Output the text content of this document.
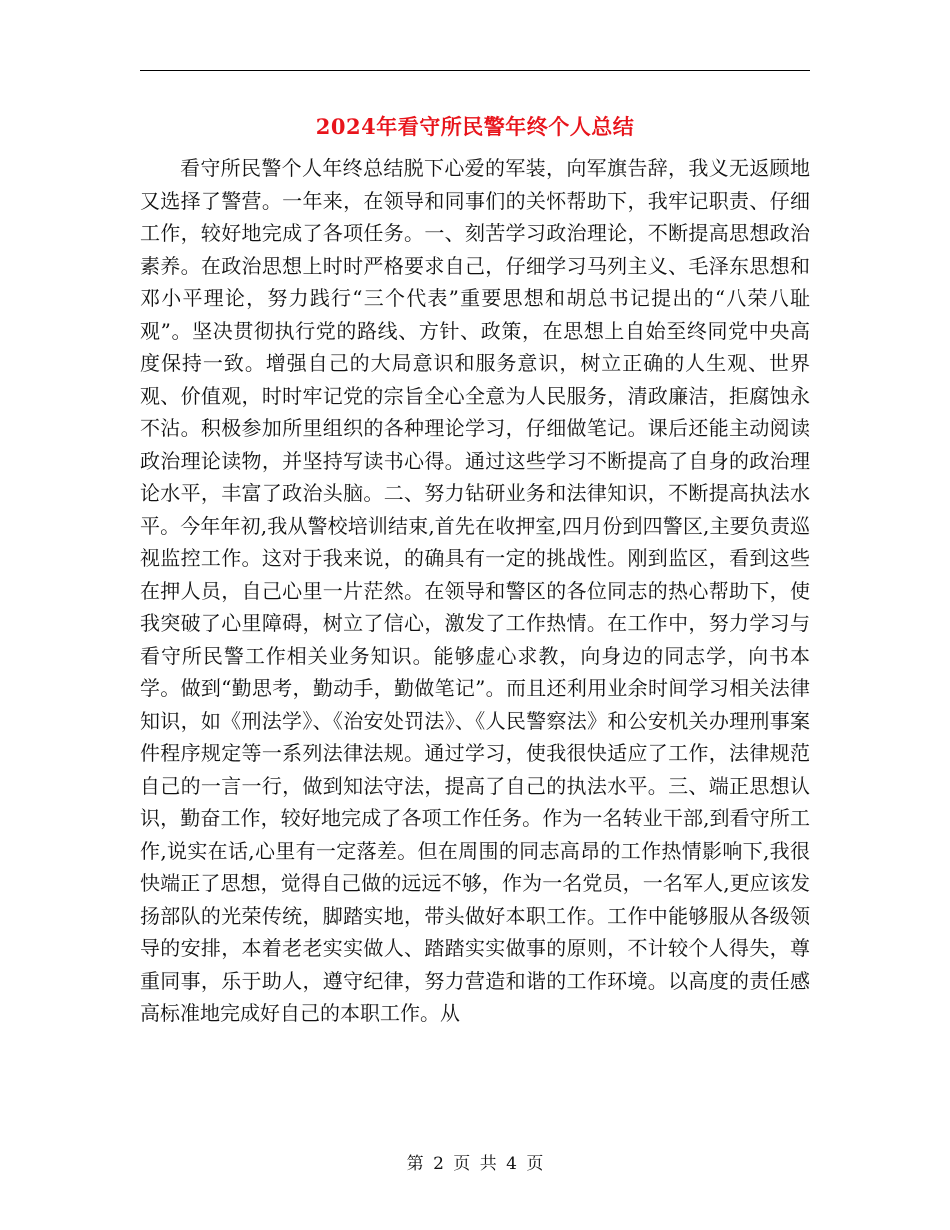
2024年看守所民警年终个人总结

看守所民警个人年终总结脱下心爱的军装，向军旗告辞，我义无返顾地又选择了警营。一年来，在领导和同事们的关怀帮助下，我牢记职责、仔细工作，较好地完成了各项任务。一、刻苦学习政治理论，不断提高思想政治素养。在政治思想上时时严格要求自己，仔细学习马列主义、毛泽东思想和邓小平理论，努力践行“三个代表”重要思想和胡总书记提出的“八荣八耻观”。坚决贯彻执行党的路线、方针、政策，在思想上自始至终同党中央高度保持一致。增强自己的大局意识和服务意识，树立正确的人生观、世界观、价值观，时时牢记党的宗旨全心全意为人民服务，清政廉洁，拒腐蚀永不沾。积极参加所里组织的各种理论学习，仔细做笔记。课后还能主动阅读政治理论读物，并坚持写读书心得。通过这些学习不断提高了自身的政治理论水平，丰富了政治头脑。二、努力钻研业务和法律知识，不断提高执法水平。今年年初,我从警校培训结束,首先在收押室,四月份到四警区,主要负责巡视监控工作。这对于我来说，的确具有一定的挑战性。刚到监区，看到这些在押人员，自己心里一片茫然。在领导和警区的各位同志的热心帮助下，使我突破了心里障碍，树立了信心，激发了工作热情。在工作中，努力学习与看守所民警工作相关业务知识。能够虚心求教，向身边的同志学，向书本学。做到“勤思考，勤动手，勤做笔记”。而且还利用业余时间学习相关法律知识，如《刑法学》、《治安处罚法》、《人民警察法》和公安机关办理刑事案件程序规定等一系列法律法规。通过学习，使我很快适应了工作，法律规范自己的一言一行，做到知法守法，提高了自己的执法水平。三、端正思想认识，勤奋工作，较好地完成了各项工作任务。作为一名转业干部,到看守所工作,说实在话,心里有一定落差。但在周围的同志高昂的工作热情影响下,我很快端正了思想，觉得自己做的远远不够，作为一名党员，一名军人,更应该发扬部队的光荣传统，脚踏实地，带头做好本职工作。工作中能够服从各级领导的安排，本着老老实实做人、踏踏实实做事的原则，不计较个人得失，尊重同事，乐于助人，遵守纪律，努力营造和谐的工作环境。以高度的责任感高标准地完成好自己的本职工作。从

第 2 页 共 4 页
